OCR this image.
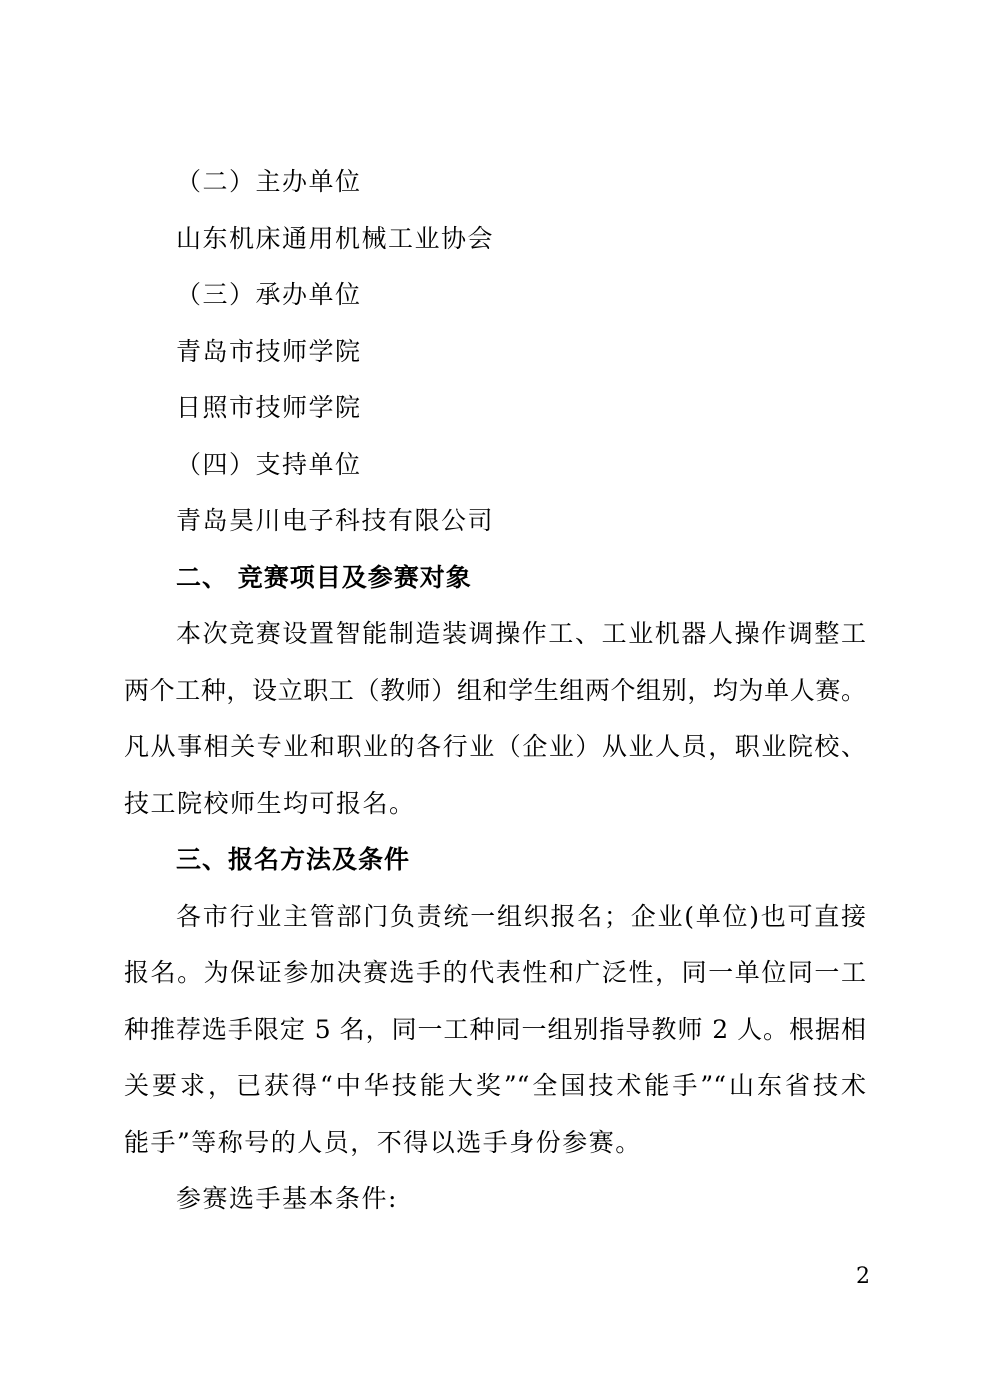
（二）主办单位
山东机床通用机械工业协会
（三）承办单位
青岛市技师学院
日照市技师学院
（四）支持单位
青岛昊川电子科技有限公司
二、 竞赛项目及参赛对象
本次竞赛设置智能制造装调操作工、工业机器人操作调整工
两个工种，设立职工（教师）组和学生组两个组别，均为单人赛。
凡从事相关专业和职业的各行业（企业）从业人员，职业院校、
技工院校师生均可报名。
三、报名方法及条件
各市行业主管部门负责统一组织报名；企业(单位)也可直接
报名。为保证参加决赛选手的代表性和广泛性，同一单位同一工
种推荐选手限定 5 名，同一工种同一组别指导教师 2 人。根据相
关要求，已获得“中华技能大奖”“全国技术能手”“山东省技术
能手”等称号的人员，不得以选手身份参赛。
参赛选手基本条件:
2
